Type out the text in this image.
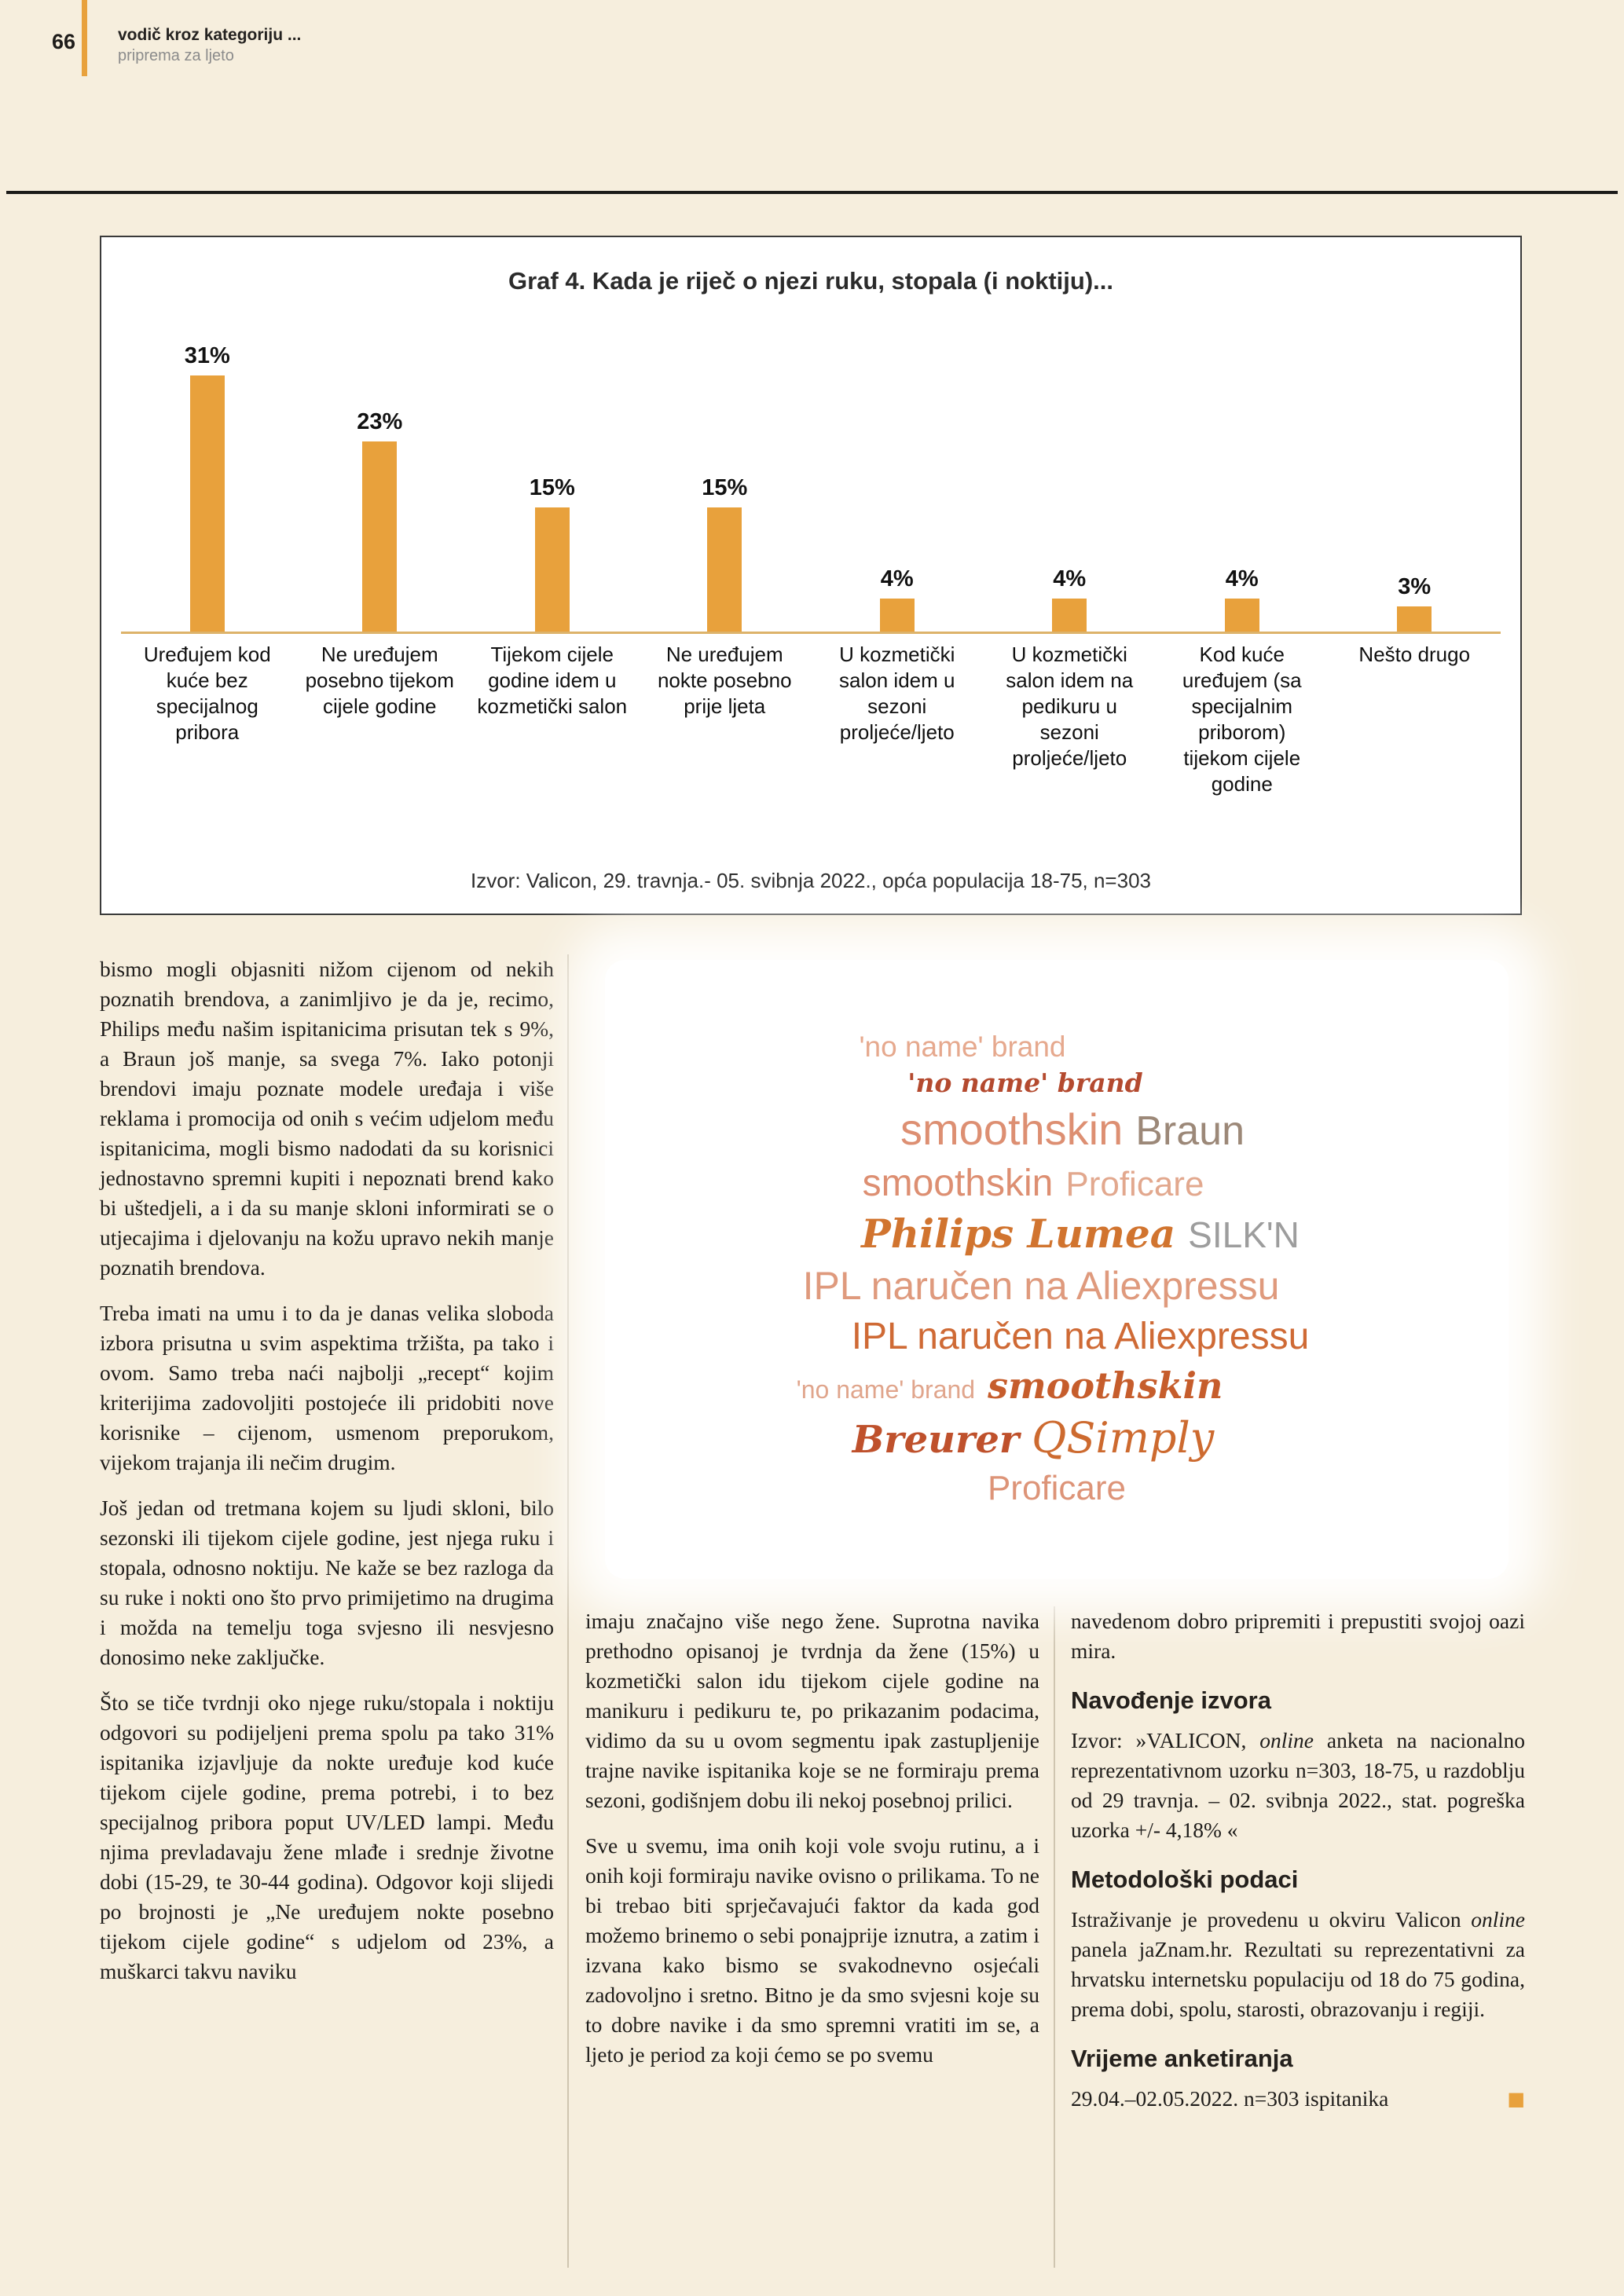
66	vodič kroz kategoriju ...
priprema za ljeto
Graf 4. Kada je riječ o njezi ruku, stopala (i noktiju)...
31%
23%
15%	15%
4%	4%	4%	3%
Uređujem kod kuće bez specijalnog pribora
Ne uređujem posebno tijekom cijele godine
Tijekom cijele godine idem u kozmetički salon
Ne uređujem nokte posebno prije ljeta
U kozmetički salon idem u sezoni proljeće/ljeto
U kozmetički salon idem na pedikuru u sezoni proljeće/ljeto
Kod kuće uređujem (sa specijalnim priborom) tijekom cijele godine
Nešto drugo
Izvor: Valicon, 29. travnja.- 05. svibnja 2022., opća populacija 18-75, n=303

bismo mogli objasniti nižom cijenom od nekih poznatih brendova, a zanimljivo je da je, recimo, Philips među našim ispitanicima prisutan tek s 9%, a Braun još manje, sa svega 7%. Iako potonji brendovi imaju poznate modele uređaja i više reklama i promocija od onih s većim udjelom među ispitanicima, mogli bismo nadodati da su korisnici jednostavno spremni kupiti i nepoznati brend kako bi uštedjeli, a i da su manje skloni informirati se o utjecajima i djelovanju na kožu upravo nekih manje poznatih brendova.

Treba imati na umu i to da je danas velika sloboda izbora prisutna u svim aspektima tržišta, pa tako i ovom. Samo treba naći najbolji „recept“ kojim kriterijima zadovoljiti postojeće ili pridobiti nove korisnike – cijenom, usmenom preporukom, vijekom trajanja ili nečim drugim.

Još jedan od tretmana kojem su ljudi skloni, bilo sezonski ili tijekom cijele godine, jest njega ruku i stopala, odnosno noktiju. Ne kaže se bez razloga da su ruke i nokti ono što prvo primijetimo na drugima i možda na temelju toga svjesno ili nesvjesno donosimo neke zaključke.

Što se tiče tvrdnji oko njege ruku/stopala i noktiju odgovori su podijeljeni prema spolu pa tako 31% ispitanika izjavljuje da nokte uređuje kod kuće tijekom cijele godine, prema potrebi, i to bez specijalnog pribora poput UV/LED lampi. Među njima prevladavaju žene mlađe i srednje životne dobi (15-29, te 30-44 godina). Odgovor koji slijedi po brojnosti je „Ne uređujem nokte posebno tijekom cijele godine“ s udjelom od 23%, a muškarci takvu naviku

'no name' brand
'no name' brand
smoothskin Braun
smoothskin Proficare
Philips Lumea SILK'N
IPL naručen na Aliexpressu
IPL naručen na Aliexpressu
'no name' brand smoothskin
Breurer QSimply
Proficare

imaju značajno više nego žene. Suprotna navika prethodno opisanoj je tvrdnja da žene (15%) u kozmetički salon idu tijekom cijele godine na manikuru i pedikuru te, po prikazanim podacima, vidimo da su u ovom segmentu ipak zastupljenije trajne navike ispitanika koje se ne formiraju prema sezoni, godišnjem dobu ili nekoj posebnoj prilici.

Sve u svemu, ima onih koji vole svoju rutinu, a i onih koji formiraju navike ovisno o prilikama. To ne bi trebao biti sprječavajući faktor da kada god možemo brinemo o sebi ponajprije iznutra, a zatim i izvana kako bismo se svakodnevno osjećali zadovoljno i sretno. Bitno je da smo svjesni koje su to dobre navike i da smo spremni vratiti im se, a ljeto je period za koji ćemo se po svemu

navedenom dobro pripremiti i prepustiti svojoj oazi mira.

Navođenje izvora

Izvor: »VALICON, online anketa na nacionalno reprezentativnom uzorku n=303, 18-75, u razdoblju od 29 travnja. – 02. svibnja 2022., stat. pogreška uzorka +/- 4,18% «

Metodološki podaci

Istraživanje je provedenu u okviru Valicon online panela jaZnam.hr. Rezultati su reprezentativni za hrvatsku internetsku populaciju od 18 do 75 godina, prema dobi, spolu, starosti, obrazovanju i regiji.

Vrijeme anketiranja

29.04.–02.05.2022. n=303 ispitanika	■
